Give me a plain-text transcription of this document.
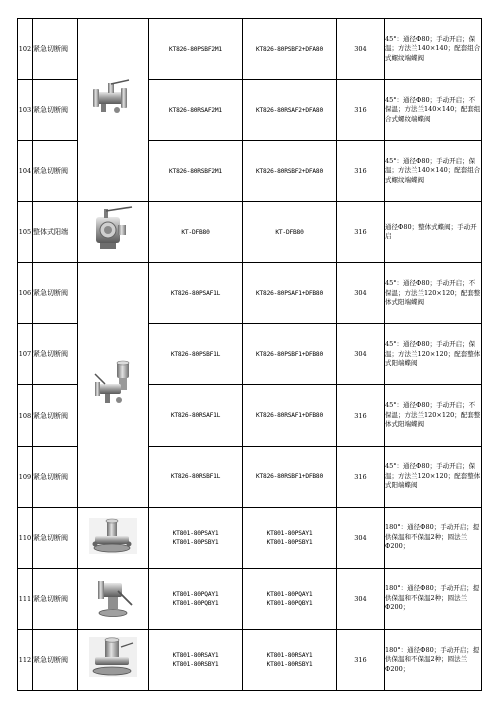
102	紧急切断阀		KT826-80PSBF2M1	KT826-80PSBF2+DFA80	304	45°：通径Φ80；手动开启；保温；方法兰140×140；配套组合式螺纹端蝶阀
103	紧急切断阀		KT826-80RSAF2M1	KT826-80RSAF2+DFA80	316	45°：通径Φ80；手动开启；不保温；方法兰140×140；配套组合式螺纹端蝶阀
104	紧急切断阀		KT826-80RSBF2M1	KT826-80RSBF2+DFA80	316	45°：通径Φ80；手动开启；保温；方法兰140×140；配套组合式螺纹端蝶阀
105	整体式阳端		KT-DFB80	KT-DFB80	316	通径Φ80；整体式蝶阀；手动开启
106	紧急切断阀		KT826-80PSAF1L	KT826-80PSAF1+DFB80	304	45°：通径Φ80；手动开启；不保温；方法兰120×120；配套整体式阳端蝶阀
107	紧急切断阀		KT826-80PSBF1L	KT826-80PSBF1+DFB80	304	45°：通径Φ80；手动开启；保温；方法兰120×120；配套整体式阳端蝶阀
108	紧急切断阀		KT826-80RSAF1L	KT826-80RSAF1+DFB80	316	45°：通径Φ80；手动开启；不保温；方法兰120×120；配套整体式阳端蝶阀
109	紧急切断阀		KT826-80RSBF1L	KT826-80RSBF1+DFB80	316	45°：通径Φ80；手动开启；保温；方法兰120×120；配套整体式阳端蝶阀
110	紧急切断阀		KT801-80PSAY1
KT801-80PSBY1	KT801-80PSAY1
KT801-80PSBY1	304	180°：通径Φ80；手动开启；提供保温和不保温2种；圆法兰Φ200；
111	紧急切断阀		KT801-80PQAY1
KT801-80PQBY1	KT801-80PQAY1
KT801-80PQBY1	304	180°：通径Φ80；手动开启；提供保温和不保温2种；圆法兰Φ200；
112	紧急切断阀		KT801-80RSAY1
KT801-80RSBY1	KT801-80RSAY1
KT801-80RSBY1	316	180°：通径Φ80；手动开启；提供保温和不保温2种；圆法兰Φ200；
